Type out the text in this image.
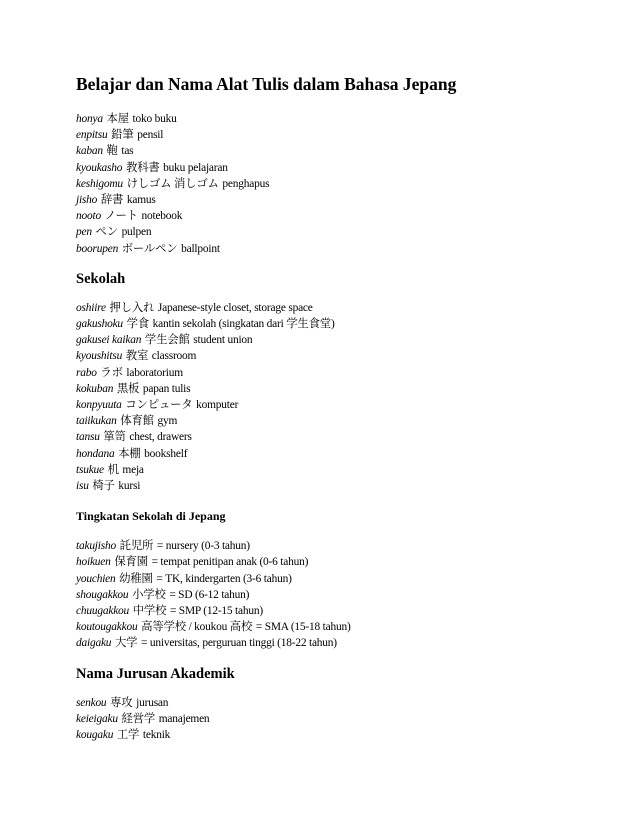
Belajar dan Nama Alat Tulis dalam Bahasa Jepang
honya 本屋 toko buku
enpitsu 鉛筆 pensil
kaban 鞄 tas
kyoukasho 教科書 buku pelajaran
keshigomu けしゴム 消しゴム penghapus
jisho 辞書 kamus
nooto ノート notebook
pen ペン pulpen
boorupen ボールペン ballpoint
Sekolah
oshiire 押し入れ Japanese-style closet, storage space
gakushoku 学食 kantin sekolah (singkatan dari 学生食堂)
gakusei kaikan 学生会館 student union
kyoushitsu 教室 classroom
rabo ラボ laboratorium
kokuban 黒板 papan tulis
konpyuuta コンピュータ komputer
taiikukan 体育館 gym
tansu 箪笥 chest, drawers
hondana 本棚 bookshelf
tsukue 机 meja
isu 椅子 kursi
Tingkatan Sekolah di Jepang
takujisho 託児所 = nursery (0-3 tahun)
hoikuen 保育園 = tempat penitipan anak (0-6 tahun)
youchien 幼稚園 = TK, kindergarten (3-6 tahun)
shougakkou 小学校 = SD (6-12 tahun)
chuugakkou 中学校 = SMP (12-15 tahun)
koutougakkou 高等学校 / koukou 高校 = SMA (15-18 tahun)
daigaku 大学 = universitas, perguruan tinggi (18-22 tahun)
Nama Jurusan Akademik
senkou 専攻 jurusan
keieigaku 経営学 manajemen
kougaku 工学 teknik
